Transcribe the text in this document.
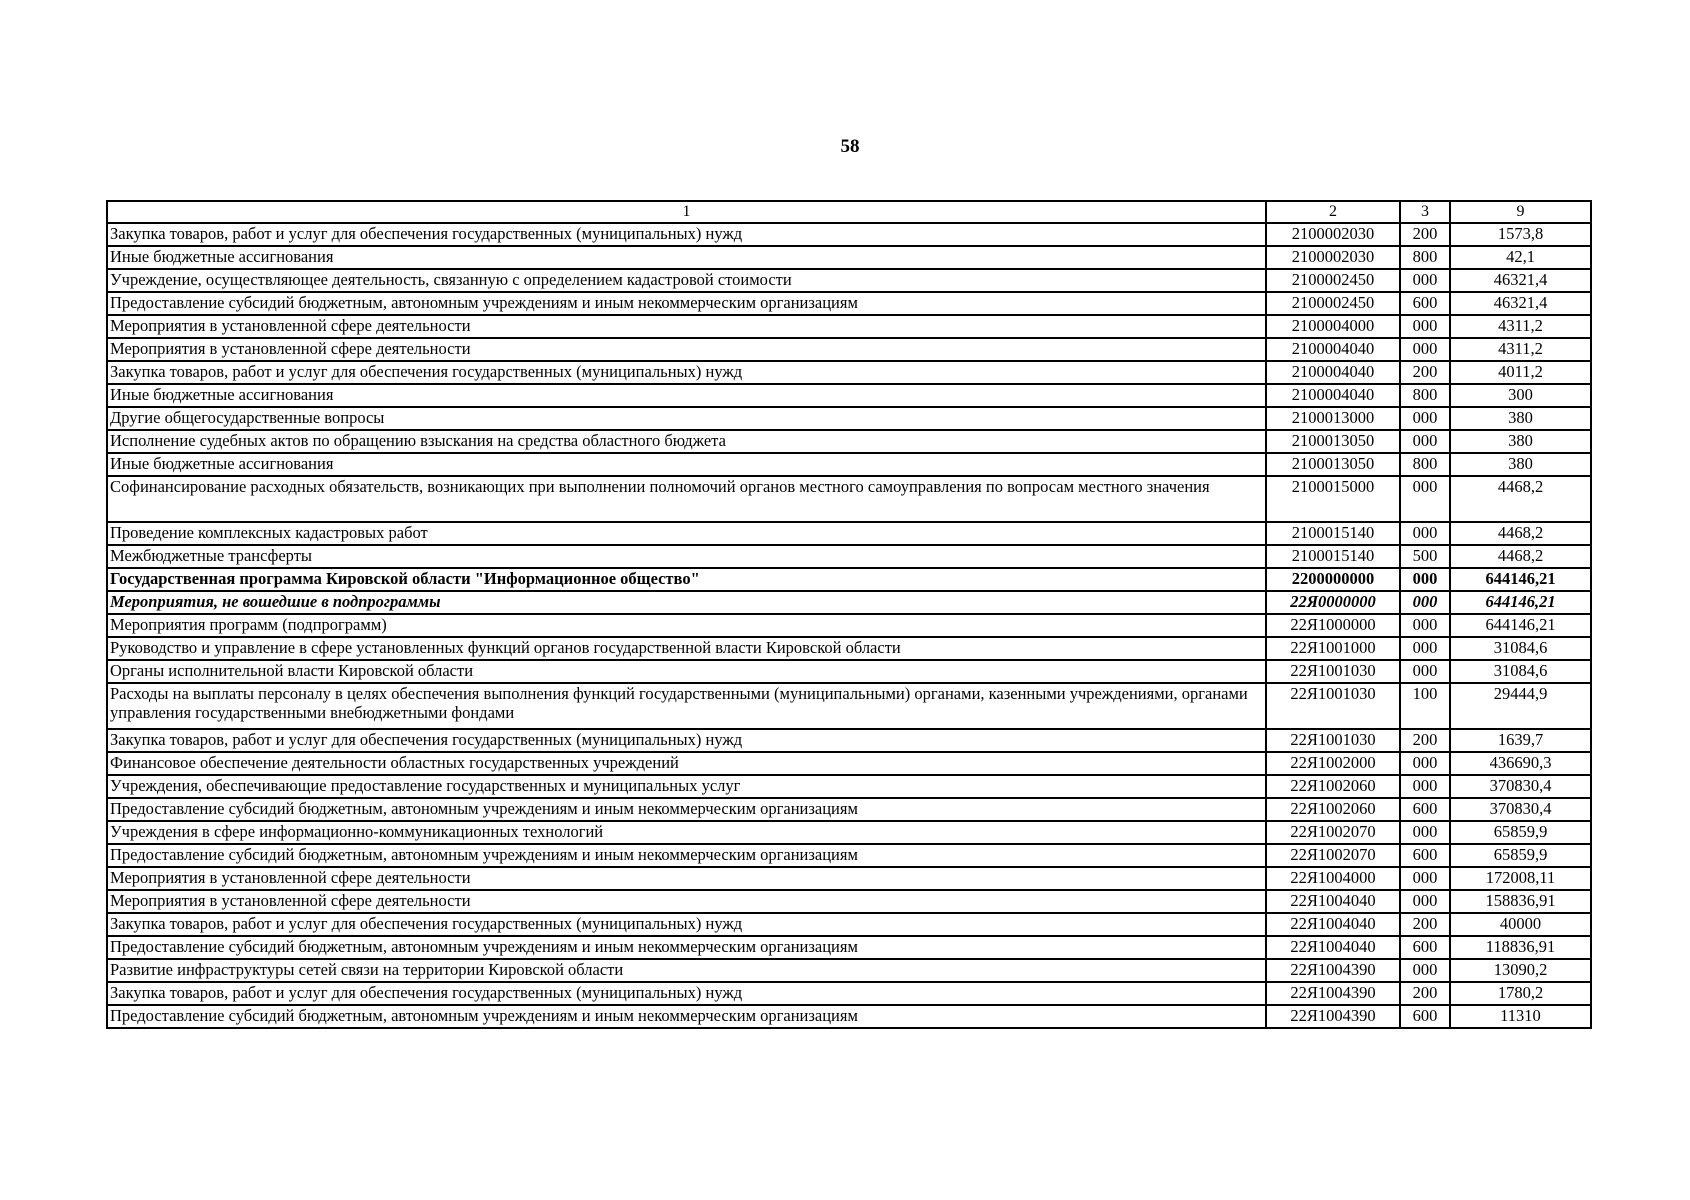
58
1	2	3	9
Закупка товаров, работ и услуг для обеспечения государственных (муниципальных) нужд	2100002030	200	1573,8
Иные бюджетные ассигнования	2100002030	800	42,1
Учреждение, осуществляющее деятельность, связанную с определением кадастровой стоимости	2100002450	000	46321,4
Предоставление субсидий бюджетным, автономным учреждениям и иным некоммерческим организациям	2100002450	600	46321,4
Мероприятия в установленной сфере деятельности	2100004000	000	4311,2
Мероприятия в установленной сфере деятельности	2100004040	000	4311,2
Закупка товаров, работ и услуг для обеспечения государственных (муниципальных) нужд	2100004040	200	4011,2
Иные бюджетные ассигнования	2100004040	800	300
Другие общегосударственные вопросы	2100013000	000	380
Исполнение судебных актов по обращению взыскания на средства областного бюджета	2100013050	000	380
Иные бюджетные ассигнования	2100013050	800	380
Софинансирование расходных обязательств, возникающих при выполнении полномочий органов местного самоуправления по вопросам местного значения	2100015000	000	4468,2
Проведение комплексных кадастровых работ	2100015140	000	4468,2
Межбюджетные трансферты	2100015140	500	4468,2
Государственная программа Кировской области "Информационное общество"	2200000000	000	644146,21
Мероприятия, не вошедшие в подпрограммы	22Я0000000	000	644146,21
Мероприятия программ (подпрограмм)	22Я1000000	000	644146,21
Руководство и управление в сфере установленных функций органов государственной власти Кировской области	22Я1001000	000	31084,6
Органы исполнительной власти Кировской области	22Я1001030	000	31084,6
Расходы на выплаты персоналу в целях обеспечения выполнения функций государственными (муниципальными) органами, казенными учреждениями, органами управления государственными внебюджетными фондами	22Я1001030	100	29444,9
Закупка товаров, работ и услуг для обеспечения государственных (муниципальных) нужд	22Я1001030	200	1639,7
Финансовое обеспечение деятельности областных государственных учреждений	22Я1002000	000	436690,3
Учреждения, обеспечивающие предоставление государственных и муниципальных услуг	22Я1002060	000	370830,4
Предоставление субсидий бюджетным, автономным учреждениям и иным некоммерческим организациям	22Я1002060	600	370830,4
Учреждения в сфере информационно-коммуникационных технологий	22Я1002070	000	65859,9
Предоставление субсидий бюджетным, автономным учреждениям и иным некоммерческим организациям	22Я1002070	600	65859,9
Мероприятия в установленной сфере деятельности	22Я1004000	000	172008,11
Мероприятия в установленной сфере деятельности	22Я1004040	000	158836,91
Закупка товаров, работ и услуг для обеспечения государственных (муниципальных) нужд	22Я1004040	200	40000
Предоставление субсидий бюджетным, автономным учреждениям и иным некоммерческим организациям	22Я1004040	600	118836,91
Развитие инфраструктуры сетей связи на территории Кировской области	22Я1004390	000	13090,2
Закупка товаров, работ и услуг для обеспечения государственных (муниципальных) нужд	22Я1004390	200	1780,2
Предоставление субсидий бюджетным, автономным учреждениям и иным некоммерческим организациям	22Я1004390	600	11310
